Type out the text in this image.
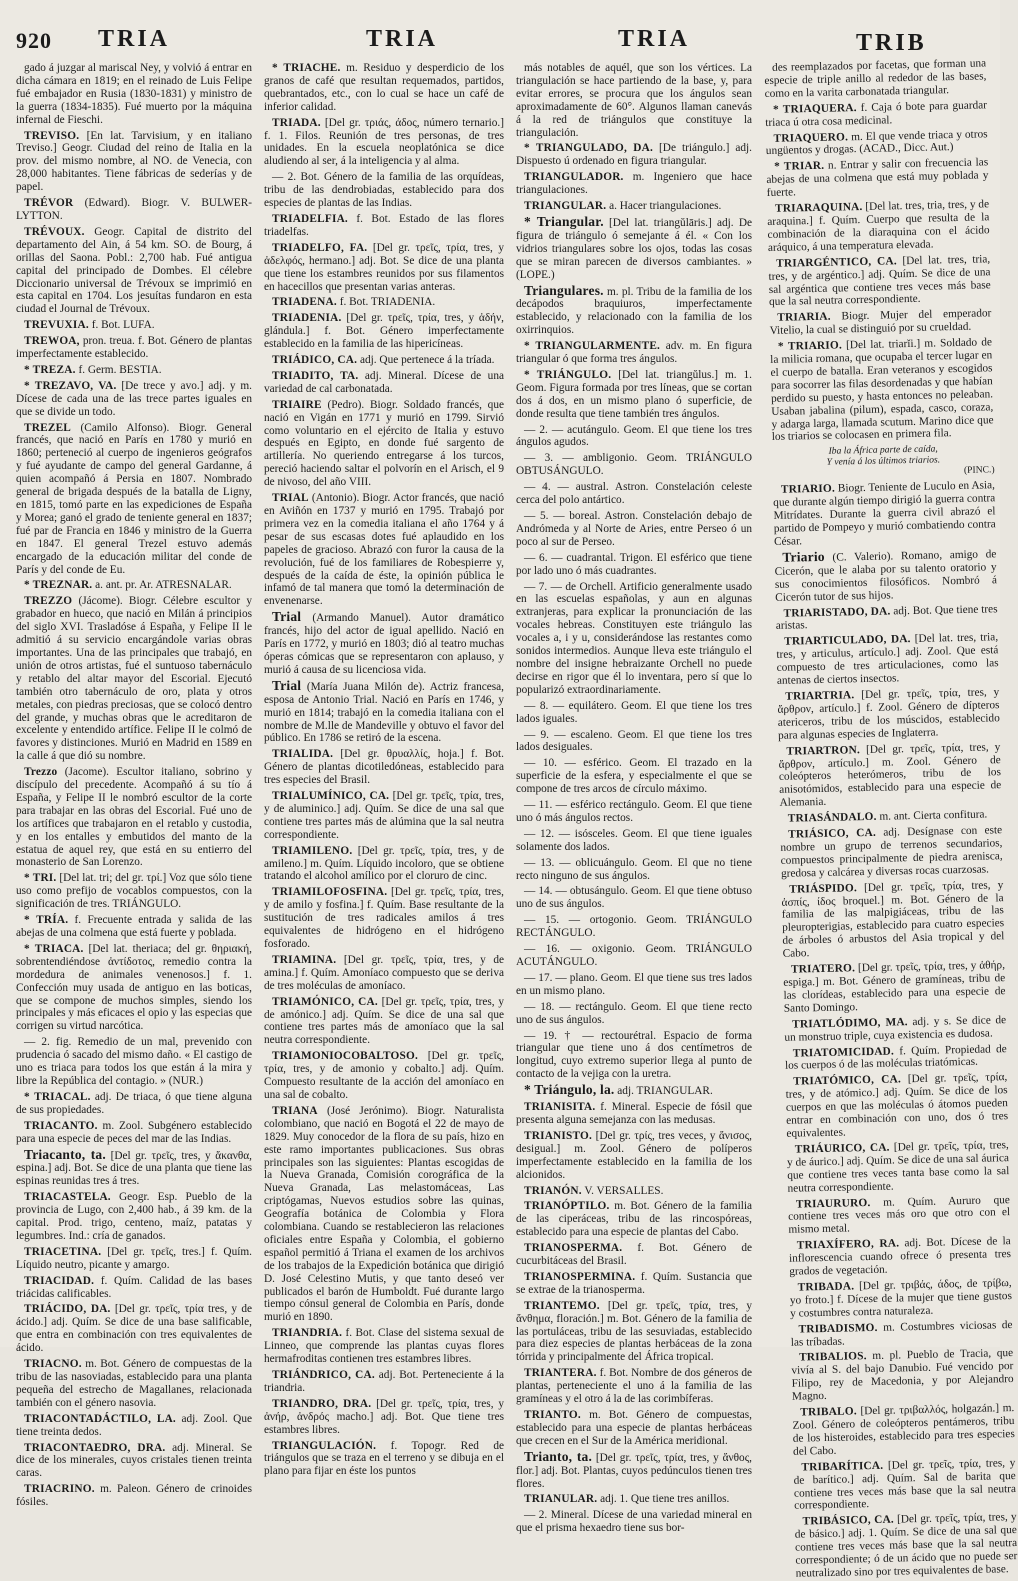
920 TRIA	TRIA	TRIA	TRIB

gado á juzgar al mariscal Ney, y volvió á entrar en dicha cámara en 1819; en el reinado de Luis Felipe fué embajador en Rusia (1830-1831) y ministro de la guerra (1834-1835). Fué muerto por la máquina infernal de Fieschi.

TREVISO. [En lat. Tarvisium, y en italiano Treviso.] Geogr. Ciudad del reino de Italia en la prov. del mismo nombre, al NO. de Venecia, con 28,000 habitantes. Tiene fábricas de sederías y de papel.

TRÉVOR (Edward). Biogr. V. BULWER-LYTTON.

TRÉVOUX. Geogr. Capital de distrito del departamento del Ain, á 54 km. SO. de Bourg, á orillas del Saona. Pobl.: 2,700 hab. Fué antigua capital del principado de Dombes. El célebre Diccionario universal de Trévoux se imprimió en esta capital en 1704. Los jesuítas fundaron en esta ciudad el Journal de Trévoux.

TREVUXIA. f. Bot. LUFA.

TREWOA, pron. treua. f. Bot. Género de plantas imperfectamente establecido.

* TREZA. f. Germ. BESTIA.

* TREZAVO, VA. [De trece y avo.] adj. y m. Dícese de cada una de las trece partes iguales en que se divide un todo.

TREZEL (Camilo Alfonso). Biogr. General francés, que nació en París en 1780 y murió en 1860; perteneció al cuerpo de ingenieros geógrafos y fué ayudante de campo del general Gardanne, á quien acompañó á Persia en 1807. Nombrado general de brigada después de la batalla de Ligny, en 1815, tomó parte en las expediciones de España y Morea; ganó el grado de teniente general en 1837; fué par de Francia en 1846 y ministro de la Guerra en 1847. El general Trezel estuvo además encargado de la educación militar del conde de París y del conde de Eu.

* TREZNAR. a. ant. pr. Ar. ATRESNALAR.

TREZZO (Jácome). Biogr. Célebre escultor y grabador en hueco, que nació en Milán á principios del siglo XVI. Trasladóse á España, y Felipe II le admitió á su servicio encargándole varias obras importantes. Una de las principales que trabajó, en unión de otros artistas, fué el suntuoso tabernáculo y retablo del altar mayor del Escorial. Ejecutó también otro tabernáculo de oro, plata y otros metales, con piedras preciosas, que se colocó dentro del grande, y muchas obras que le acreditaron de excelente y entendido artífice. Felipe II le colmó de favores y distinciones. Murió en Madrid en 1589 en la calle á que dió su nombre.

Trezzo (Jacome). Escultor italiano, sobrino y discípulo del precedente. Acompañó á su tío á España, y Felipe II le nombró escultor de la corte para trabajar en las obras del Escorial. Fué uno de los artífices que trabajaron en el retablo y custodia, y en los entalles y embutidos del manto de la estatua de aquel rey, que está en su entierro del monasterio de San Lorenzo.

* TRI. [Del lat. tri; del gr. τρί.] Voz que sólo tiene uso como prefijo de vocablos compuestos, con la significación de tres. TRIÁNGULO.

* TRÍA. f. Frecuente entrada y salida de las abejas de una colmena que está fuerte y poblada.

* TRIACA. [Del lat. theriaca; del gr. θηριακή, sobrentendiéndose ἀντίδοτος, remedio contra la mordedura de animales venenosos.] f. 1. Confección muy usada de antiguo en las boticas, que se compone de muchos simples, siendo los principales y más eficaces el opio y las especias que corrigen su virtud narcótica.

— 2. fig. Remedio de un mal, prevenido con prudencia ó sacado del mismo daño. « El castigo de uno es triaca para todos los que están á la mira y libre la República del contagio. » (NUR.)

* TRIACAL. adj. De triaca, ó que tiene alguna de sus propiedades.

TRIACANTO. m. Zool. Subgénero establecido para una especie de peces del mar de las Indias.

Triacanto, ta. [Del gr. τρεῖς, tres, y ἄκανθα, espina.] adj. Bot. Se dice de una planta que tiene las espinas reunidas tres á tres.

TRIACASTELA. Geogr. Esp. Pueblo de la provincia de Lugo, con 2,400 hab., á 39 km. de la capital. Prod. trigo, centeno, maíz, patatas y legumbres. Ind.: cría de ganados.

TRIACETINA. [Del gr. τρεῖς, tres.] f. Quím. Líquido neutro, picante y amargo.

TRIACIDAD. f. Quím. Calidad de las bases triácidas calificables.

TRIÁCIDO, DA. [Del gr. τρεῖς, τρία tres, y de ácido.] adj. Quím. Se dice de una base salificable, que entra en combinación con tres equivalentes de ácido.

TRIACNO. m. Bot. Género de compuestas de la tribu de las nasoviadas, establecido para una planta pequeña del estrecho de Magallanes, relacionada también con el género nasovia.

TRIACONTADÁCTILO, LA. adj. Zool. Que tiene treinta dedos.

TRIACONTAEDRO, DRA. adj. Mineral. Se dice de los minerales, cuyos cristales tienen treinta caras.

TRIACRINO. m. Paleon. Género de crinoides fósiles.

* TRIACHE. m. Residuo y desperdicio de los granos de café que resultan requemados, partidos, quebrantados, etc., con lo cual se hace un café de inferior calidad.

TRIADA. [Del gr. τριάς, άδος, número ternario.] f. 1. Filos. Reunión de tres personas, de tres unidades. En la escuela neoplatónica se dice aludiendo al ser, á la inteligencia y al alma.

— 2. Bot. Género de la familia de las orquídeas, tribu de las dendrobiadas, establecido para dos especies de plantas de las Indias.

TRIADELFIA. f. Bot. Estado de las flores triadelfas.

TRIADELFO, FA. [Del gr. τρεῖς, τρία, tres, y ἀδελφός, hermano.] adj. Bot. Se dice de una planta que tiene los estambres reunidos por sus filamentos en hacecillos que presentan varias anteras.

TRIADENA. f. Bot. TRIADENIA.

TRIADENIA. [Del gr. τρεῖς, τρία, tres, y ἀδήν, glándula.] f. Bot. Género imperfectamente establecido en la familia de las hipericíneas.

TRIÁDICO, CA. adj. Que pertenece á la tríada.

TRIADITO, TA. adj. Mineral. Dícese de una variedad de cal carbonatada.

TRIAIRE (Pedro). Biogr. Soldado francés, que nació en Vigán en 1771 y murió en 1799. Sirvió como voluntario en el ejército de Italia y estuvo después en Egipto, en donde fué sargento de artillería. No queriendo entregarse á los turcos, pereció haciendo saltar el polvorín en el Arisch, el 9 de nivoso, del año VIII.

TRIAL (Antonio). Biogr. Actor francés, que nació en Aviñón en 1737 y murió en 1795. Trabajó por primera vez en la comedia italiana el año 1764 y á pesar de sus escasas dotes fué aplaudido en los papeles de gracioso. Abrazó con furor la causa de la revolución, fué de los familiares de Robespierre y, después de la caída de éste, la opinión pública le infamó de tal manera que tomó la determinación de envenenarse.

Trial (Armando Manuel). Autor dramático francés, hijo del actor de igual apellido. Nació en París en 1772, y murió en 1803; dió al teatro muchas óperas cómicas que se representaron con aplauso, y murió á causa de su licenciosa vida.

Trial (María Juana Milón de). Actriz francesa, esposa de Antonio Trial. Nació en París en 1746, y murió en 1814; trabajó en la comedia italiana con el nombre de M.lle de Mandeville y obtuvo el favor del público. En 1786 se retiró de la escena.

TRIALIDA. [Del gr. θρυαλλίς, hoja.] f. Bot. Género de plantas dicotiledóneas, establecido para tres especies del Brasil.

TRIALUMÍNICO, CA. [Del gr. τρεῖς, τρία, tres, y de aluminico.] adj. Quím. Se dice de una sal que contiene tres partes más de alúmina que la sal neutra correspondiente.

TRIAMILENO. [Del gr. τρεῖς, τρία, tres, y de amileno.] m. Quím. Líquido incoloro, que se obtiene tratando el alcohol amílico por el cloruro de cinc.

TRIAMILOFOSFINA. [Del gr. τρεῖς, τρία, tres, y de amilo y fosfina.] f. Quím. Base resultante de la sustitución de tres radicales amilos á tres equivalentes de hidrógeno en el hidrógeno fosforado.

TRIAMINA. [Del gr. τρεῖς, τρία, tres, y de amina.] f. Quím. Amoníaco compuesto que se deriva de tres moléculas de amoníaco.

TRIAMÓNICO, CA. [Del gr. τρεῖς, τρία, tres, y de amónico.] adj. Quím. Se dice de una sal que contiene tres partes más de amoníaco que la sal neutra correspondiente.

TRIAMONIOCOBALTOSO. [Del gr. τρεῖς, τρία, tres, y de amonio y cobalto.] adj. Quím. Compuesto resultante de la acción del amoníaco en una sal de cobalto.

TRIANA (José Jerónimo). Biogr. Naturalista colombiano, que nació en Bogotá el 22 de mayo de 1829. Muy conocedor de la flora de su país, hizo en este ramo importantes publicaciones. Sus obras principales son las siguientes: Plantas escogidas de la Nueva Granada, Comisión corográfica de la Nueva Granada, Las melastomáceas, Las criptógamas, Nuevos estudios sobre las quinas, Geografía botánica de Colombia y Flora colombiana. Cuando se restablecieron las relaciones oficiales entre España y Colombia, el gobierno español permitió á Triana el examen de los archivos de los trabajos de la Expedición botánica que dirigió D. José Celestino Mutis, y que tanto deseó ver publicados el barón de Humboldt. Fué durante largo tiempo cónsul general de Colombia en París, donde murió en 1890.

TRIANDRIA. f. Bot. Clase del sistema sexual de Linneo, que comprende las plantas cuyas flores hermafroditas contienen tres estambres libres.

TRIÁNDRICO, CA. adj. Bot. Perteneciente á la triandria.

TRIANDRO, DRA. [Del gr. τρεῖς, τρία, tres, y ἀνήρ, ἀνδρός macho.] adj. Bot. Que tiene tres estambres libres.

TRIANGULACIÓN. f. Topogr. Red de triángulos que se traza en el terreno y se dibuja en el plano para fijar en éste los puntos

más notables de aquél, que son los vértices. La triangulación se hace partiendo de la base, y, para evitar errores, se procura que los ángulos sean aproximadamente de 60°. Algunos llaman canevás á la red de triángulos que constituye la triangulación.

* TRIANGULADO, DA. [De triángulo.] adj. Dispuesto ú ordenado en figura triangular.

TRIANGULADOR. m. Ingeniero que hace triangulaciones.

TRIANGULAR. a. Hacer triangulaciones.

* Triangular. [Del lat. triangŭlāris.] adj. De figura de triángulo ó semejante á él. « Con los vidrios triangulares sobre los ojos, todas las cosas que se miran parecen de diversos cambiantes. » (LOPE.)

Triangulares. m. pl. Tribu de la familia de los decápodos braquiuros, imperfectamente establecido, y relacionado con la familia de los oxirrinquios.

* TRIANGULARMENTE. adv. m. En figura triangular ó que forma tres ángulos.

* TRIÁNGULO. [Del lat. triangŭlus.] m. 1. Geom. Figura formada por tres líneas, que se cortan dos á dos, en un mismo plano ó superficie, de donde resulta que tiene también tres ángulos.

— 2. — acutángulo. Geom. El que tiene los tres ángulos agudos.

— 3. — ambligonio. Geom. TRIÁNGULO OBTUSÁNGULO.

— 4. — austral. Astron. Constelación celeste cerca del polo antártico.

— 5. — boreal. Astron. Constelación debajo de Andrómeda y al Norte de Aries, entre Perseo ó un poco al sur de Perseo.

— 6. — cuadrantal. Trigon. El esférico que tiene por lado uno ó más cuadrantes.

— 7. — de Orchell. Artificio generalmente usado en las escuelas españolas, y aun en algunas extranjeras, para explicar la pronunciación de las vocales hebreas. Constituyen este triángulo las vocales a, i y u, considerándose las restantes como sonidos intermedios. Aunque lleva este triángulo el nombre del insigne hebraizante Orchell no puede decirse en rigor que él lo inventara, pero sí que lo popularizó extraordinariamente.

— 8. — equilátero. Geom. El que tiene los tres lados iguales.

— 9. — escaleno. Geom. El que tiene los tres lados desiguales.

— 10. — esférico. Geom. El trazado en la superficie de la esfera, y especialmente el que se compone de tres arcos de círculo máximo.

— 11. — esférico rectángulo. Geom. El que tiene uno ó más ángulos rectos.

— 12. — isósceles. Geom. El que tiene iguales solamente dos lados.

— 13. — oblicuángulo. Geom. El que no tiene recto ninguno de sus ángulos.

— 14. — obtusángulo. Geom. El que tiene obtuso uno de sus ángulos.

— 15. — ortogonio. Geom. TRIÁNGULO RECTÁNGULO.

— 16. — oxigonio. Geom. TRIÁNGULO ACUTÁNGULO.

— 17. — plano. Geom. El que tiene sus tres lados en un mismo plano.

— 18. — rectángulo. Geom. El que tiene recto uno de sus ángulos.

— 19. † — rectourétral. Espacio de forma triangular que tiene uno á dos centímetros de longitud, cuyo extremo superior llega al punto de contacto de la vejiga con la uretra.

* Triángulo, la. adj. TRIANGULAR.

TRIANISITA. f. Mineral. Especie de fósil que presenta alguna semejanza con las medusas.

TRIANISTO. [Del gr. τρίς, tres veces, y ἄνισος, desigual.] m. Zool. Género de políperos imperfectamente establecido en la familia de los alcionidos.

TRIANÓN. V. VERSALLES.

TRIANÓPTILO. m. Bot. Género de la familia de las ciperáceas, tribu de las rincospóreas, establecido para una especie de plantas del Cabo.

TRIANOSPERMA. f. Bot. Género de cucurbitáceas del Brasil.

TRIANOSPERMINA. f. Quím. Sustancia que se extrae de la trianosperma.

TRIANTEMO. [Del gr. τρεῖς, τρία, tres, y ἄνθημα, floración.] m. Bot. Género de la familia de las portuláceas, tribu de las sesuviadas, establecido para diez especies de plantas herbáceas de la zona tórrida y principalmente del África tropical.

TRIANTERA. f. Bot. Nombre de dos géneros de plantas, perteneciente el uno á la familia de las gramíneas y el otro á la de las corimbíferas.

TRIANTO. m. Bot. Género de compuestas, establecido para una especie de plantas herbáceas que crecen en el Sur de la América meridional.

Trianto, ta. [Del gr. τρεῖς, τρία, tres, y ἄνθος, flor.] adj. Bot. Plantas, cuyos pedúnculos tienen tres flores.

TRIANULAR. adj. 1. Que tiene tres anillos.

— 2. Mineral. Dícese de una variedad mineral en que el prisma hexaedro tiene sus bor-

des reemplazados por facetas, que forman una especie de triple anillo al rededor de las bases, como en la varita carbonatada triangular.

* TRIAQUERA. f. Caja ó bote para guardar triaca ú otra cosa medicinal.

TRIAQUERO. m. El que vende triaca y otros ungüentos y drogas. (ACAD., Dicc. Aut.)

* TRIAR. n. Entrar y salir con frecuencia las abejas de una colmena que está muy poblada y fuerte.

TRIARAQUINA. [Del lat. tres, tria, tres, y de araquina.] f. Quím. Cuerpo que resulta de la combinación de la diaraquina con el ácido aráquico, á una temperatura elevada.

TRIARGÉNTICO, CA. [Del lat. tres, tria, tres, y de argéntico.] adj. Quím. Se dice de una sal argéntica que contiene tres veces más base que la sal neutra correspondiente.

TRIARIA. Biogr. Mujer del emperador Vitelio, la cual se distinguió por su crueldad.

* TRIARIO. [Del lat. triarĭi.] m. Soldado de la milicia romana, que ocupaba el tercer lugar en el cuerpo de batalla. Eran veteranos y escogidos para socorrer las filas desordenadas y que habían perdido su puesto, y hasta entonces no peleaban. Usaban jabalina (pilum), espada, casco, coraza, y adarga larga, llamada scutum. Marino dice que los triarios se colocasen en primera fila.

Iba la África parte de caída,
Y venía á los últimos triarios.
(PINC.)

TRIARIO. Biogr. Teniente de Luculo en Asia, que durante algún tiempo dirigió la guerra contra Mitrídates. Durante la guerra civil abrazó el partido de Pompeyo y murió combatiendo contra César.

Triario (C. Valerio). Romano, amigo de Cicerón, que le alaba por su talento oratorio y sus conocimientos filosóficos. Nombró á Cicerón tutor de sus hijos.

TRIARISTADO, DA. adj. Bot. Que tiene tres aristas.

TRIARTICULADO, DA. [Del lat. tres, tria, tres, y articulus, artículo.] adj. Zool. Que está compuesto de tres articulaciones, como las antenas de ciertos insectos.

TRIARTRIA. [Del gr. τρεῖς, τρία, tres, y ἄρθρον, artículo.] f. Zool. Género de dípteros atericeros, tribu de los múscidos, establecido para algunas especies de Inglaterra.

TRIARTRON. [Del gr. τρεῖς, τρία, tres, y ἄρθρον, artículo.] m. Zool. Género de coleópteros heterómeros, tribu de los anisotómidos, establecido para una especie de Alemania.

TRIASÁNDALO. m. ant. Cierta confitura.

TRIÁSICO, CA. adj. Desígnase con este nombre un grupo de terrenos secundarios, compuestos principalmente de piedra arenisca, gredosa y calcárea y diversas rocas cuarzosas.

TRIÁSPIDO. [Del gr. τρεῖς, τρία, tres, y ἀσπίς, ίδος broquel.] m. Bot. Género de la familia de las malpigiáceas, tribu de las pleuropterigias, establecido para cuatro especies de árboles ó arbustos del Asia tropical y del Cabo.

TRIATERO. [Del gr. τρεῖς, τρία, tres, y ἀθήρ, espiga.] m. Bot. Género de gramíneas, tribu de las clorídeas, establecido para una especie de Santo Domingo.

TRIATLÓDIMO, MA. adj. y s. Se dice de un monstruo triple, cuya existencia es dudosa.

TRIATOMICIDAD. f. Quím. Propiedad de los cuerpos ó de las moléculas triatómicas.

TRIATÓMICO, CA. [Del gr. τρεῖς, τρία, tres, y de atómico.] adj. Quím. Se dice de los cuerpos en que las moléculas ó átomos pueden entrar en combinación con uno, dos ó tres equivalentes.

TRIÁURICO, CA. [Del gr. τρεῖς, τρία, tres, y de áurico.] adj. Quím. Se dice de una sal áurica que contiene tres veces tanta base como la sal neutra correspondiente.

TRIAURURO. m. Quím. Aururo que contiene tres veces más oro que otro con el mismo metal.

TRIAXÍFERO, RA. adj. Bot. Dícese de la inflorescencia cuando ofrece ó presenta tres grados de vegetación.

TRIBADA. [Del gr. τριβάς, άδος, de τρίβω, yo froto.] f. Dícese de la mujer que tiene gustos y costumbres contra naturaleza.

TRIBADISMO. m. Costumbres viciosas de las tríbadas.

TRIBALIOS. m. pl. Pueblo de Tracia, que vivía al S. del bajo Danubio. Fué vencido por Filipo, rey de Macedonia, y por Alejandro Magno.

TRIBALO. [Del gr. τριβαλλός, holgazán.] m. Zool. Género de coleópteros pentámeros, tribu de los histeroides, establecido para tres especies del Cabo.

TRIBARÍTICA. [Del gr. τρεῖς, τρία, tres, y de barítico.] adj. Quím. Sal de barita que contiene tres veces más base que la sal neutra correspondiente.

TRIBÁSICO, CA. [Del gr. τρεῖς, τρία, tres, y de básico.] adj. 1. Quím. Se dice de una sal que contiene tres veces más base que la sal neutra correspondiente; ó de un ácido que no puede ser neutralizado sino por tres equivalentes de base.
